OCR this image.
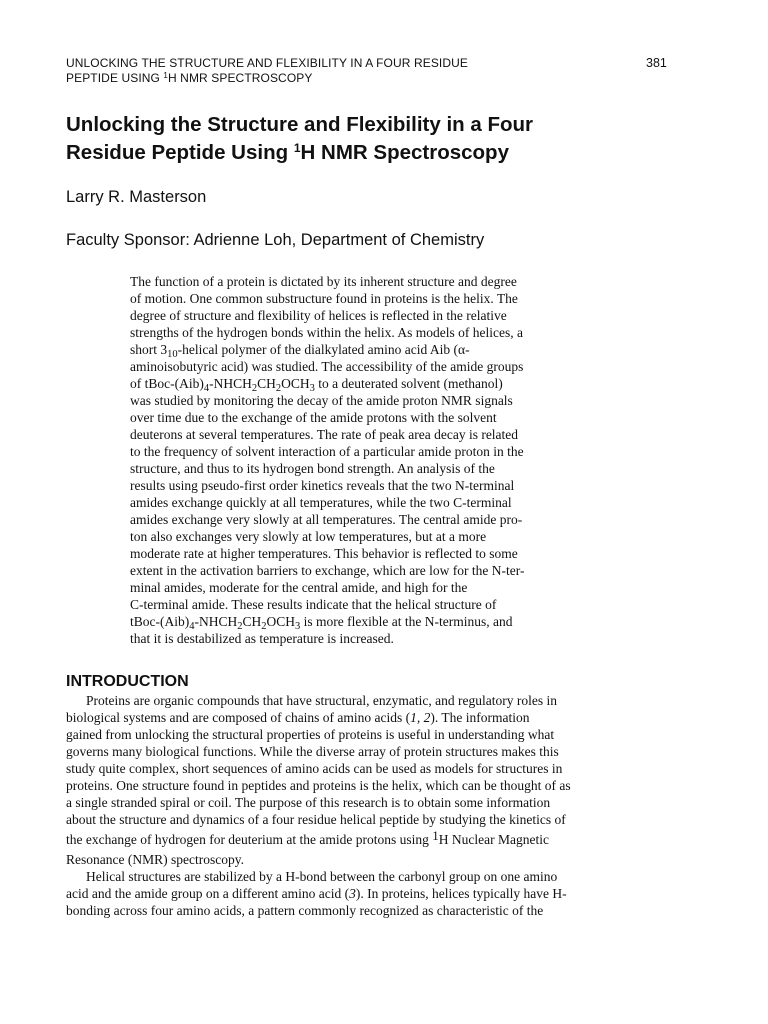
UNLOCKING THE STRUCTURE AND FLEXIBILITY IN A FOUR RESIDUE
PEPTIDE USING $^1$H NMR SPECTROSCOPY
381
Unlocking the Structure and Flexibility in a Four
Residue Peptide Using $^1$H NMR Spectroscopy
Larry R. Masterson
Faculty Sponsor: Adrienne Loh, Department of Chemistry
The function of a protein is dictated by its inherent structure and degree
of motion. One common substructure found in proteins is the helix. The
degree of structure and flexibility of helices is reflected in the relative
strengths of the hydrogen bonds within the helix. As models of helices, a
short $3_{10}$-helical polymer of the dialkylated amino acid Aib (α-
aminoisobutyric acid) was studied. The accessibility of the amide groups
of tBoc-$(Aib)_4-NHCH_2CH_2OCH_3$ to a deuterated solvent (methanol)
was studied by monitoring the decay of the amide proton NMR signals
over time due to the exchange of the amide protons with the solvent
deuterons at several temperatures. The rate of peak area decay is related
to the frequency of solvent interaction of a particular amide proton in the
structure, and thus to its hydrogen bond strength. An analysis of the
results using pseudo-first order kinetics reveals that the two N-terminal
amides exchange quickly at all temperatures, while the two C-terminal
amides exchange very slowly at all temperatures. The central amide pro-
ton also exchanges very slowly at low temperatures, but at a more
moderate rate at higher temperatures. This behavior is reflected to some
extent in the activation barriers to exchange, which are low for the N-ter-
minal amides, moderate for the central amide, and high for the
C-terminal amide. These results indicate that the helical structure of
tBoc-$(Aib)_4-NHCH_2CH_2OCH_3$ is more flexible at the N-terminus, and
that it is destabilized as temperature is increased.
INTRODUCTION
Proteins are organic compounds that have structural, enzymatic, and regulatory roles in
biological systems and are composed of chains of amino acids (1, 2). The information
gained from unlocking the structural properties of proteins is useful in understanding what
governs many biological functions. While the diverse array of protein structures makes this
study quite complex, short sequences of amino acids can be used as models for structures in
proteins. One structure found in peptides and proteins is the helix, which can be thought of as
a single stranded spiral or coil. The purpose of this research is to obtain some information
about the structure and dynamics of a four residue helical peptide by studying the kinetics of
the exchange of hydrogen for deuterium at the amide protons using 1H Nuclear Magnetic
Resonance (NMR) spectroscopy.
Helical structures are stabilized by a H-bond between the carbonyl group on one amino
acid and the amide group on a different amino acid (3). In proteins, helices typically have H-
bonding across four amino acids, a pattern commonly recognized as characteristic of the
